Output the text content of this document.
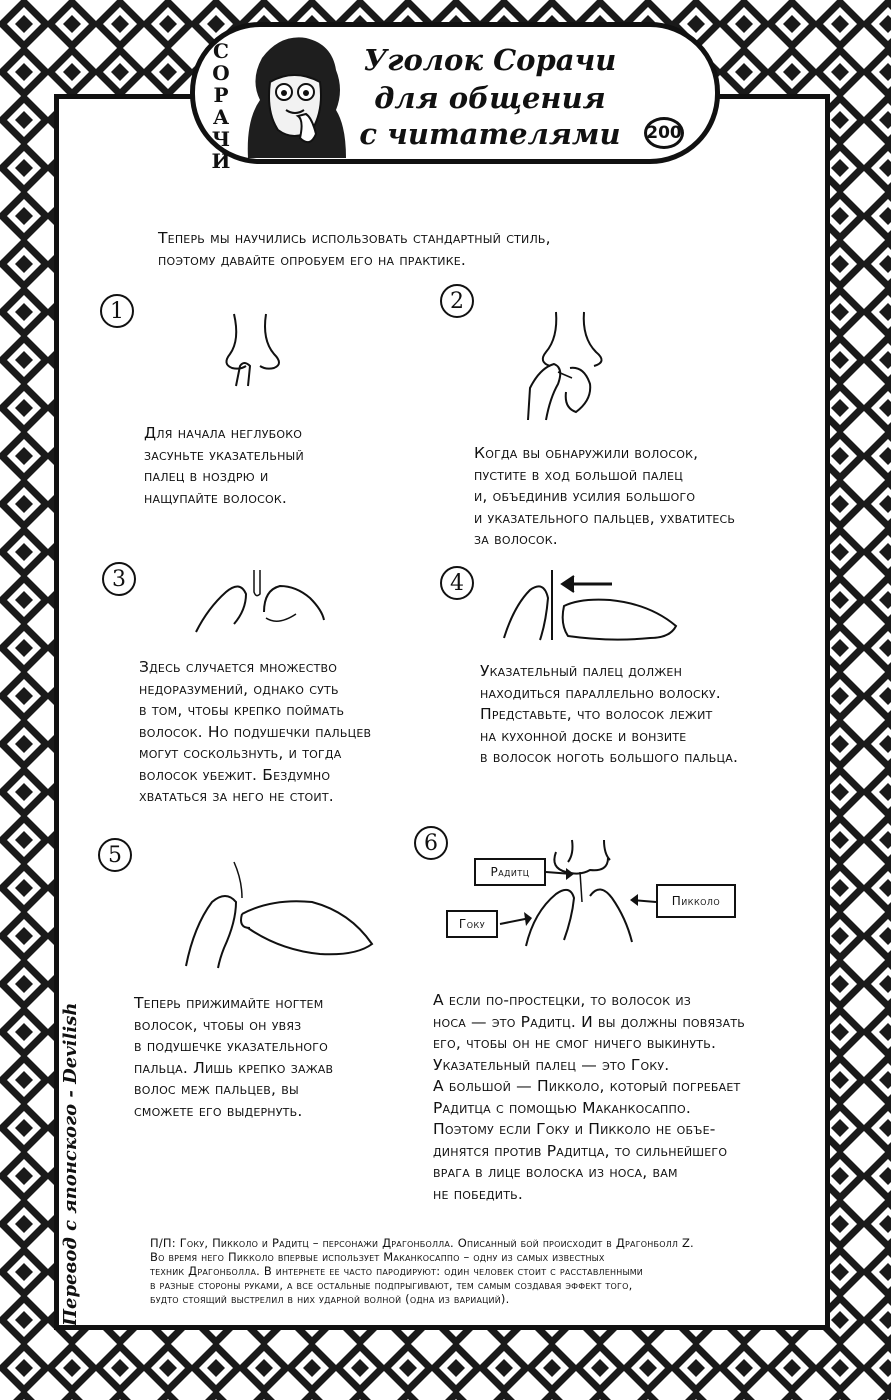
С
О
Р
А
Ч
И
Уголок Сорачи
для общения
с читателями	200
Теперь мы научились использовать стандартный стиль,
поэтому давайте опробуем его на практике.
1
Для начала неглубоко
засуньте указательный
палец в ноздрю и
нащупайте волосок.
2
Когда вы обнаружили волосок,
пустите в ход большой палец
и, объединив усилия большого
и указательного пальцев, ухватитесь
за волосок.
3
Здесь случается множество
недоразумений, однако суть
в том, чтобы крепко поймать
волосок. Но подушечки пальцев
могут соскользнуть, и тогда
волосок убежит. Бездумно
хвататься за него не стоит.
4
Указательный палец должен
находиться параллельно волоску.
Представьте, что волосок лежит
на кухонной доске и вонзите
в волосок ноготь большого пальца.
5
Теперь прижимайте ногтем
волосок, чтобы он увяз
в подушечке указательного
пальца. Лишь крепко зажав
волос меж пальцев, вы
сможете его выдернуть.
6
Радитц
Гоку
Пикколо
А если по-простецки, то волосок из
носа — это Радитц. И вы должны повязать
его, чтобы он не смог ничего выкинуть.
Указательный палец — это Гоку.
А большой — Пикколо, который погребает
Радитца с помощью Маканкосаппо.
Поэтому если Гоку и Пикколо не объе-
динятся против Радитца, то сильнейшего
врага в лице волоска из носа, вам
не победить.
Перевод с японского - Devilish	П/П: Гоку, Пикколо и Радитц – персонажи Драгонболла. Описанный бой происходит в Драгонболл Z.
Во время него Пикколо впервые использует Маканкосаппо – одну из самых известных
техник Драгонболла. В интернете ее часто пародируют: один человек стоит с расставленными
в разные стороны руками, а все остальные подпрыгивают, тем самым создавая эффект того,
будто стоящий выстрелил в них ударной волной (одна из вариаций).
